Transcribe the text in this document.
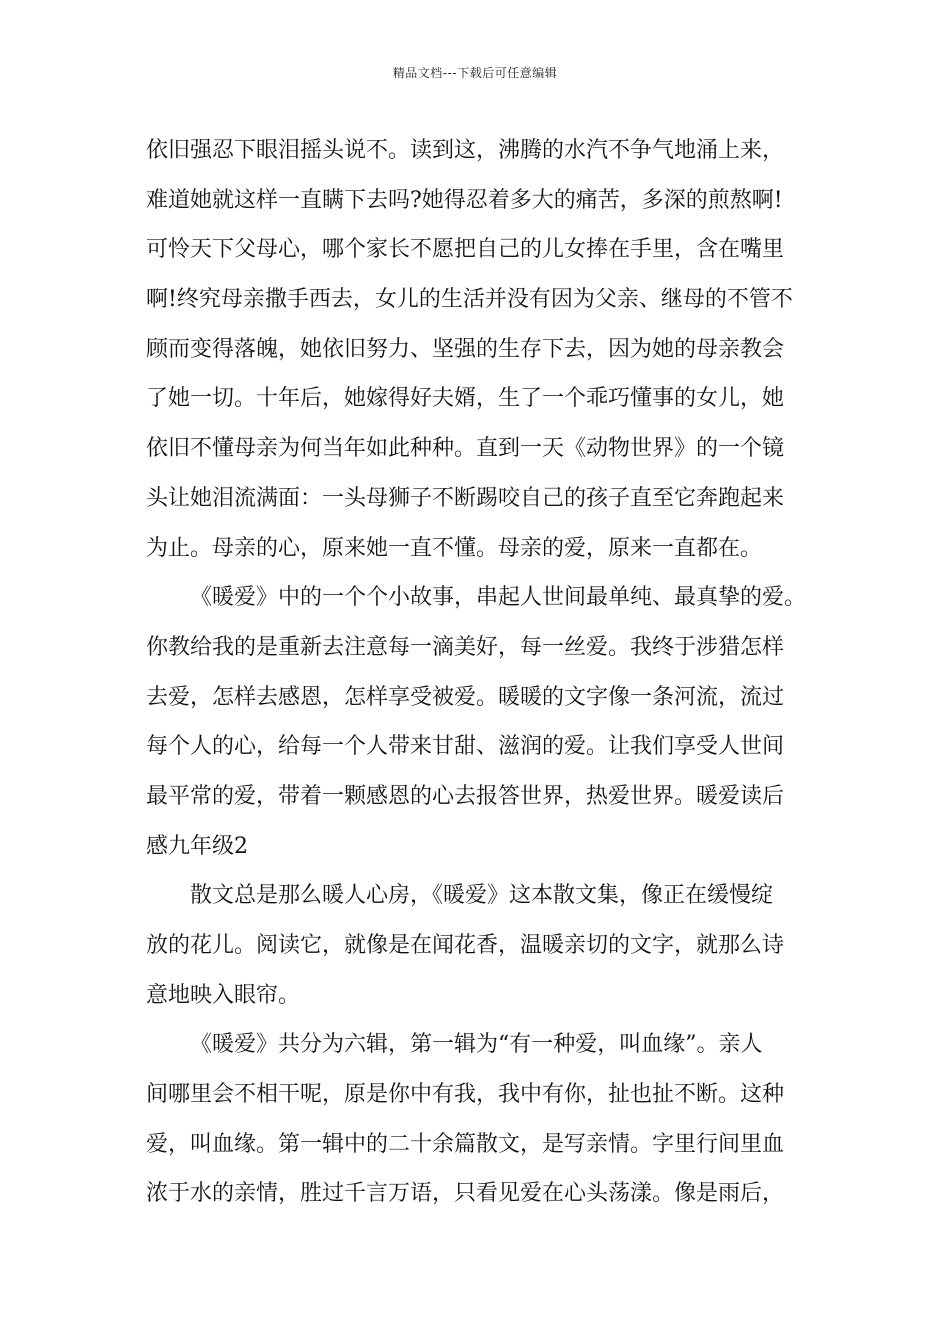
精品文档---下载后可任意编辑
依旧强忍下眼泪摇头说不。读到这，沸腾的水汽不争气地涌上来，
难道她就这样一直瞒下去吗?她得忍着多大的痛苦，多深的煎熬啊!
可怜天下父母心，哪个家长不愿把自己的儿女捧在手里，含在嘴里
啊!终究母亲撒手西去，女儿的生活并没有因为父亲、继母的不管不
顾而变得落魄，她依旧努力、坚强的生存下去，因为她的母亲教会
了她一切。十年后，她嫁得好夫婿，生了一个乖巧懂事的女儿，她
依旧不懂母亲为何当年如此种种。直到一天《动物世界》的一个镜
头让她泪流满面：一头母狮子不断踢咬自己的孩子直至它奔跑起来
为止。母亲的心，原来她一直不懂。母亲的爱，原来一直都在。
《暖爱》中的一个个小故事，串起人世间最单纯、最真挚的爱。
你教给我的是重新去注意每一滴美好，每一丝爱。我终于涉猎怎样
去爱，怎样去感恩，怎样享受被爱。暖暖的文字像一条河流，流过
每个人的心，给每一个人带来甘甜、滋润的爱。让我们享受人世间
最平常的爱，带着一颗感恩的心去报答世界，热爱世界。暖爱读后
感九年级2
散文总是那么暖人心房，《暖爱》这本散文集，像正在缓慢绽
放的花儿。阅读它，就像是在闻花香，温暖亲切的文字，就那么诗
意地映入眼帘。
《暖爱》共分为六辑，第一辑为“有一种爱，叫血缘”。亲人
间哪里会不相干呢，原是你中有我，我中有你，扯也扯不断。这种
爱，叫血缘。第一辑中的二十余篇散文，是写亲情。字里行间里血
浓于水的亲情，胜过千言万语，只看见爱在心头荡漾。像是雨后，
